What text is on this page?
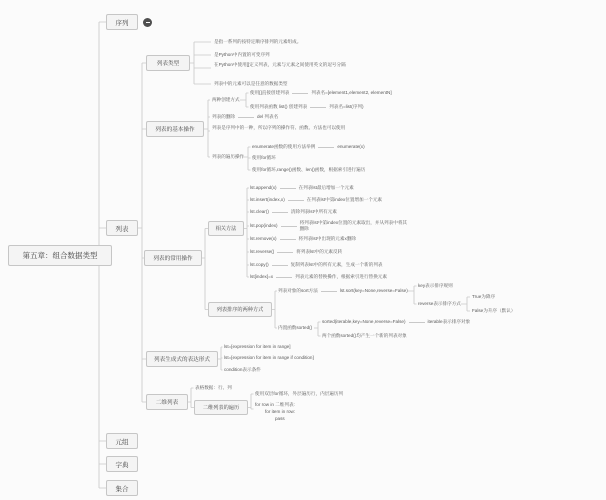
第五章：组合数据类型
序列
列表
元组
字典
集合
列表类型
列表的基本操作
列表的常用操作
列表生成式的表达形式
二维列表
是指一系列的按特定顺序排列的元素组成。
是Python中内置的可变序列
在Python中使用[]定义列表，元素与元素之间使用英文的逗号分隔
列表中的元素可以是任意的数据类型
两种创建方式
使用[]直接创建列表	列表名=[element1,element2, elementN]
使用列表函数 list() 创建列表	列表名=list(序列)
列表的删除	del 列表名
列表是序列中的一种，所以序列的操作符、函数、方法也可以使用
列表的遍历操作
enumerate函数的使用方法举例	enumerate(x)
使用for循环
使用for循环,range()函数、len()函数，根据索引进行遍历
相关方法
lst.append(x)	在列表lst最后增加一个元素
lst.insert(index,x)	在列表lst中第index位置增加一个元素
lst.clear()	清除列表lst中所有元素
lst.pop(index)
将列表lst中第index位置的元素取出，并从列表中将其删除
lst.remove(x)	将列表lst中出现的元素x删除
lst.reverse()	将列表lst中的元素反转
lst.copy()	复制列表lst中的所有元素，生成一个新的列表
lst[index]=x	列表元素的替换操作，根据索引进行替换元素
列表排序的两种方式
列表对象的sort方法	lst.sort(key=None,reverse=False)
key表示排序规则
reverse表示排序方式
True为降序
False为升序（默认）
内置函数sorted()
sorted(iterable,key=None,reverse=False)	iterable表示排序对象
两个函数sorted()均产生一个新的列表对象
lst=[expression for item in range]
lst=[expression for item in range if condition]
condition表示条件
表格数据：行、列
二维列表的遍历
使用双层for循环，外层遍历行，内层遍历列
for row in 二维列表:
for item in row:
pass
